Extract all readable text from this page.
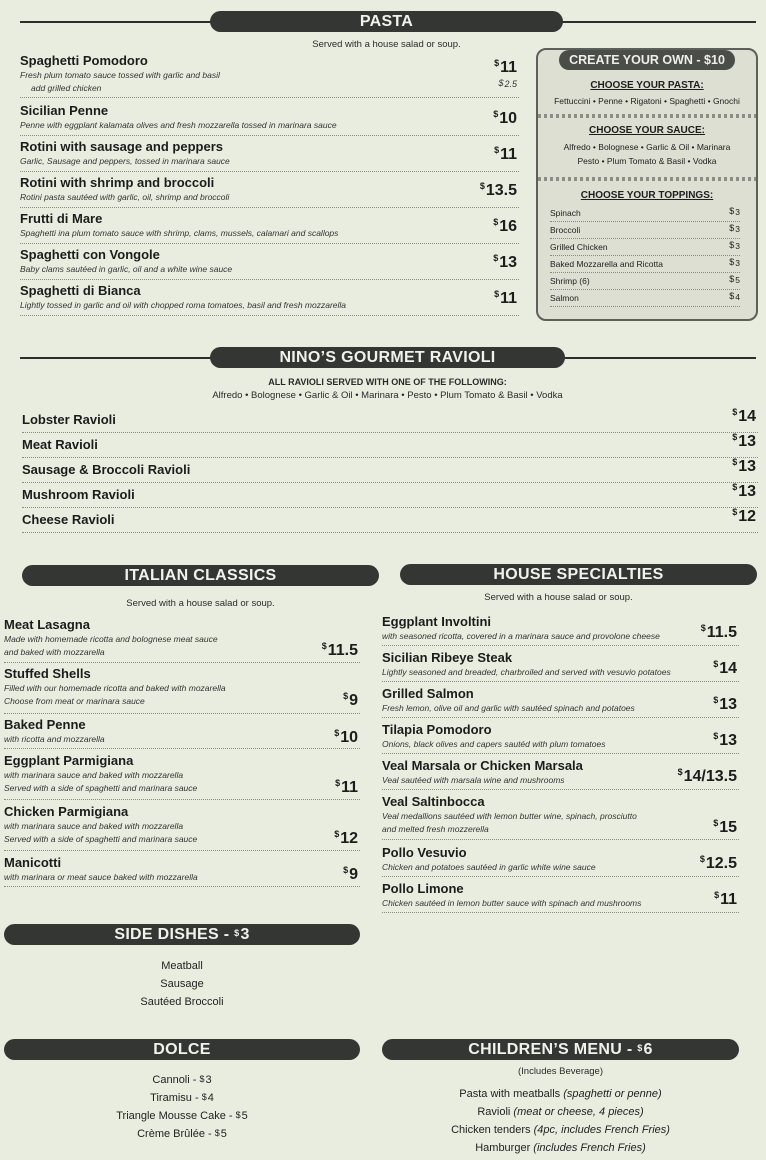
PASTA
Served with a house salad or soup.
Spaghetti Pomodoro
Fresh plum tomato sauce tossed with garlic and basil
add grilled chicken
$11
$2.5
Sicilian Penne
Penne with eggplant kalamata olives and fresh mozzarella tossed in marinara sauce
$10
Rotini with sausage and peppers
Garlic, Sausage and peppers, tossed in marinara sauce
$11
Rotini with shrimp and broccoli
Rotini pasta sautéed with garlic, oil, shrimp and broccoli
$13.5
Frutti di Mare
Spaghetti ina plum tomato sauce with shrimp, clams, mussels, calamari and scallops
$16
Spaghetti con Vongole
Baby clams sautéed in garlic, oil and a white wine sauce
$13
Spaghetti di Bianca
Lightly tossed in garlic and oil with chopped roma tomatoes, basil and fresh mozzarella
$11
CREATE YOUR OWN - $10
CHOOSE YOUR PASTA:
Fettuccini • Penne • Rigatoni • Spaghetti • Gnochi
CHOOSE YOUR SAUCE:
Alfredo • Bolognese • Garlic & Oil • Marinara
Pesto • Plum Tomato & Basil • Vodka
CHOOSE YOUR TOPPINGS:
Spinach	$3
Broccoli	$3
Grilled Chicken	$3
Baked Mozzarella and Ricotta	$3
Shrimp (6)	$5
Salmon	$4
NINO’S GOURMET RAVIOLI
ALL RAVIOLI SERVED WITH ONE OF THE FOLLOWING:
Alfredo • Bolognese • Garlic & Oil • Marinara • Pesto • Plum Tomato & Basil • Vodka
Lobster Ravioli	$14
Meat Ravioli	$13
Sausage & Broccoli Ravioli	$13
Mushroom Ravioli	$13
Cheese Ravioli	$12
ITALIAN CLASSICS
Served with a house salad or soup.
Meat Lasagna
Made with homemade ricotta and bolognese meat sauce
and baked with mozzarella
$11.5
Stuffed Shells
Filled with our homemade ricotta and baked with mozarella
Choose from meat or marinara sauce	$9
Baked Penne
with ricotta and mozzarella
$10
Eggplant Parmigiana
with marinara sauce and baked with mozzarella
Served with a side of spaghetti and marinara sauce	$11
Chicken Parmigiana
with marinara sauce and baked with mozzarella
Served with a side of spaghetti and marinara sauce	$12
Manicotti
with marinara or meat sauce baked with mozzarella
$9
HOUSE SPECIALTIES
Served with a house salad or soup.
Eggplant Involtini
with seasoned ricotta, covered in a marinara sauce and provolone cheese
$11.5
Sicilian Ribeye Steak
Lightly seasoned and breaded, charbroiled and served with vesuvio potatoes
$14
Grilled Salmon
Fresh lemon, olive oil and garlic with sautéed spinach and potatoes
$13
Tilapia Pomodoro
Onions, black olives and capers sautéd with plum tomatoes
$13
Veal Marsala or Chicken Marsala
Veal sautéed with marsala wine and mushrooms
$14/13.5
Veal Saltinbocca
Veal medallions sautéed with lemon butter wine, spinach, prosciutto
and melted fresh mozzerella
$15
Pollo Vesuvio
Chicken and potatoes sautéed in garlic white wine sauce
$12.5
Pollo Limone
Chicken sautéed in lemon butter sauce with spinach and mushrooms
$11
SIDE DISHES - $3
Meatball
Sausage
Sautéed Broccoli
DOLCE
Cannoli - $3
Tiramisu - $4
Triangle Mousse Cake - $5
Crème Brûlée - $5
CHILDREN’S MENU - $6
(Includes Beverage)
Pasta with meatballs (spaghetti or penne)
Ravioli (meat or cheese, 4 pieces)
Chicken tenders (4pc, includes French Fries)
Hamburger (includes French Fries)
